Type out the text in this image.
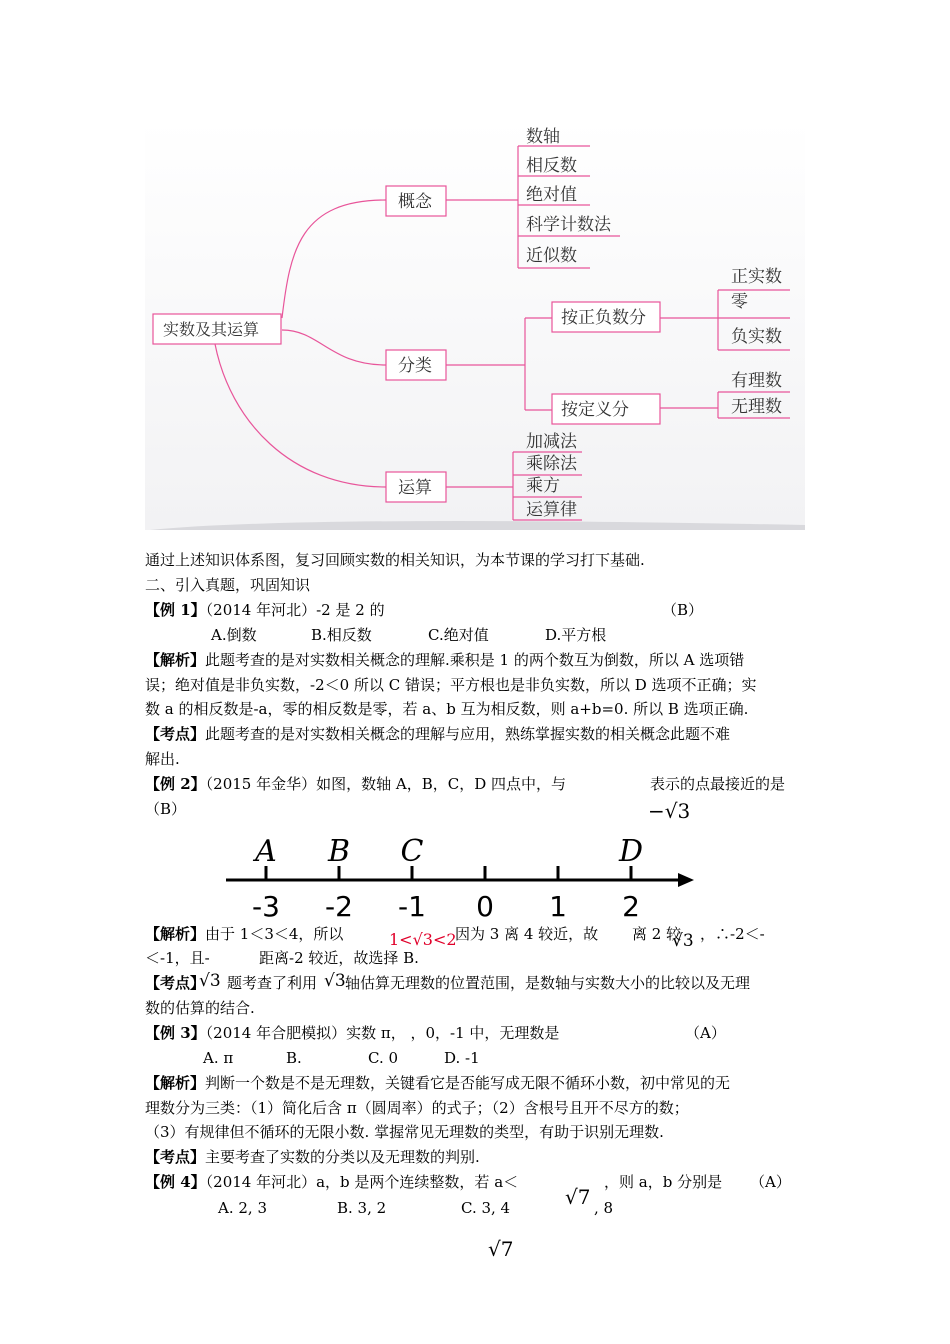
实数及其运算
概念
分类
运算
数轴
相反数
绝对值
科学计数法
近似数
按正负数分
按定义分
正实数
零
负实数
有理数
无理数
加减法
乘除法
乘方
运算律
通过上述知识体系图，复习回顾实数的相关知识，为本节课的学习打下基础.
二、引入真题，巩固知识
【例 1】（2014 年河北）-2 是 2 的	（B）
A.倒数	B.相反数	C.绝对值	D.平方根
【解析】此题考查的是对实数相关概念的理解.乘积是 1 的两个数互为倒数，所以 A 选项错
误；绝对值是非负实数，-2＜0 所以 C 错误；平方根也是非负实数，所以 D 选项不正确；实
数 a 的相反数是-a，零的相反数是零，若 a、b 互为相反数，则 a+b=0. 所以 B 选项正确.
【考点】此题考查的是对实数相关概念的理解与应用，熟练掌握实数的相关概念此题不难
解出.
【例 2】（2015 年金华）如图，数轴 A，B，C，D 四点中，与	表示的点最接近的是
−√3
（B）
-3 -2 -1 0 1 2
A B C	D
【解析】由于 1＜3＜4，所以	1<√3<2
因为 3 离 4 较近，故 离 2 较
√3 ，∴-2＜-
＜-1，且-	距离-2 较近，故选择 B.
【考点】
√3 题考查了利用 √3 轴估算无理数的位置范围，是数轴与实数大小的比较以及无理
数的估算的结合.
【例 3】（2014 年合肥模拟）实数 π， ，0，-1 中，无理数是	（A）
A. π	B.	C. 0	D. -1
【解析】判断一个数是不是无理数，关键看它是否能写成无限不循环小数，初中常见的无
理数分为三类：（1）简化后含 π（圆周率）的式子；（2）含根号且开不尽方的数；
（3）有规律但不循环的无限小数. 掌握常见无理数的类型，有助于识别无理数.
【考点】主要考查了实数的分类以及无理数的判别.
【例 4】（2014 年河北）a，b 是两个连续整数，若 a＜	，则 a，b 分别是 （A）
√7
A. 2, 3	B. 3, 2	C. 3, 4	, 8
√7
